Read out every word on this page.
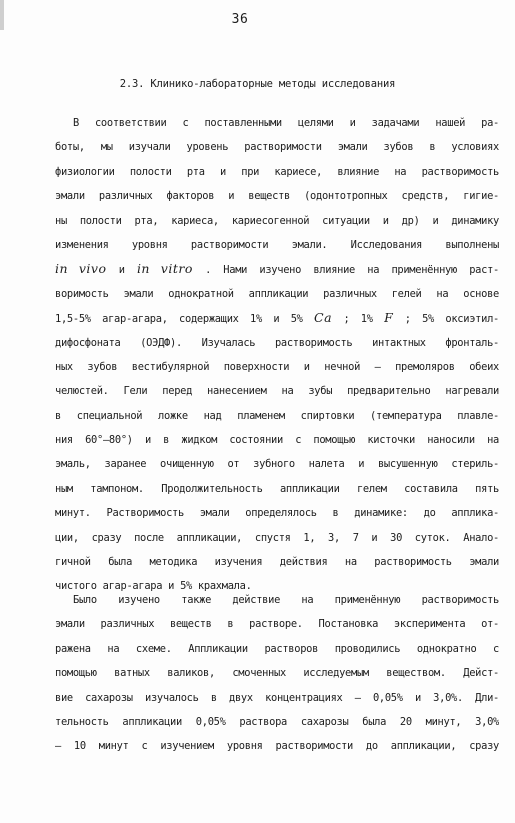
36
2.3. Клинико-лабораторные методы исследования
В соответствии с поставленными целями и задачами нашей ра-
боты, мы изучали уровень растворимости эмали зубов в условиях
физиологии полости рта и при кариесе, влияние на растворимость
эмали различных факторов и веществ (одонтотропных средств, гигие-
ны полости рта, кариеса, кариесогенной ситуации и др) и динамику
изменения уровня растворимости эмали. Исследования выполнены
in vivo и in vitro . Нами изучено влияние на применённую раст-
воримость эмали однократной аппликации различных гелей на основе
1,5-5% агар-агара, содержащих 1% и 5% Ca ; 1% F ; 5% оксиэтил-
дифосфоната (ОЭДФ). Изучалась растворимость интактных фронталь-
ных зубов вестибулярной поверхности и нечной – премоляров обеих
челюстей. Гели перед нанесением на зубы предварительно нагревали
в специальной ложке над пламенем спиртовки (температура плавле-
ния 60°–80°) и в жидком состоянии с помощью кисточки наносили на
эмаль, заранее очищенную от зубного налета и высушенную стериль-
ным тампоном. Продолжительность аппликации гелем составила пять
минут. Растворимость эмали определялось в динамике: до апплика-
ции, сразу после аппликации, спустя 1, 3, 7 и 30 суток. Анало-
гичной была методика изучения действия на растворимость эмали
чистого агар-агара и 5% крахмала.
Было изучено также действие на применённую растворимость
эмали различных веществ в растворе. Постановка эксперимента от-
ражена на схеме. Аппликации растворов проводились однократно с
помощью ватных валиков, смоченных исследуемым веществом. Дейст-
вие сахарозы изучалось в двух концентрациях – 0,05% и 3,0%. Дли-
тельность аппликации 0,05% раствора сахарозы была 20 минут, 3,0%
– 10 минут с изучением уровня растворимости до аппликации, сразу
